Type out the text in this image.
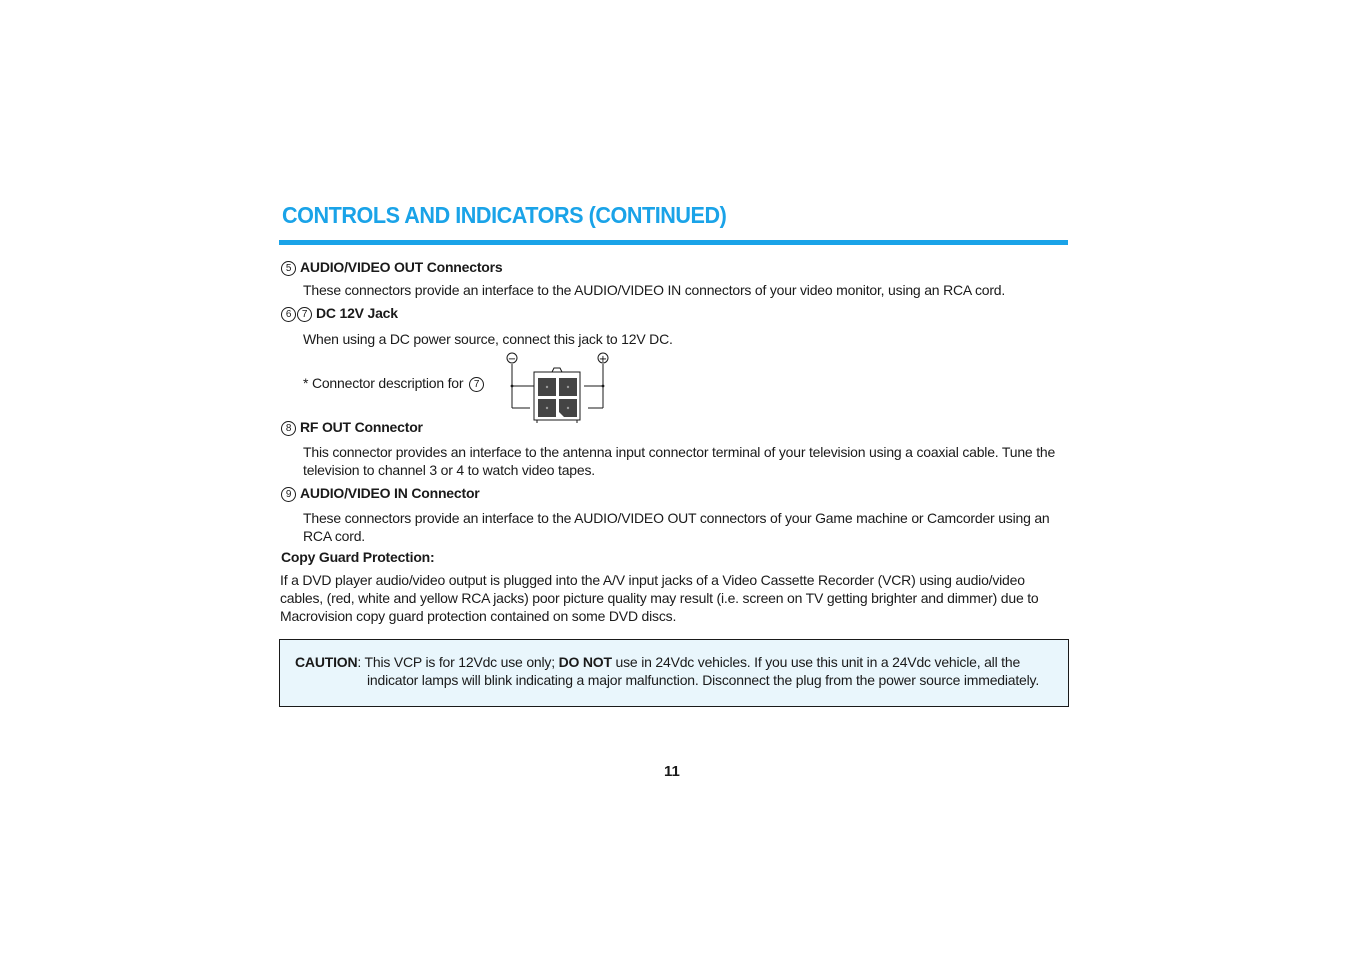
CONTROLS AND INDICATORS (CONTINUED)
5 AUDIO/VIDEO OUT Connectors
These connectors provide an interface to the AUDIO/VIDEO IN connectors of your video monitor, using an RCA cord.
6 7 DC 12V Jack
When using a DC power source, connect this jack to 12V DC.
* Connector description for 7
−	+
8 RF OUT Connector
This connector provides an interface to the antenna input connector terminal of your television using a coaxial cable. Tune the television to channel 3 or 4 to watch video tapes.
9 AUDIO/VIDEO IN Connector
These connectors provide an interface to the AUDIO/VIDEO OUT connectors of your Game machine or Camcorder using an RCA cord.
Copy Guard Protection:
If a DVD player audio/video output is plugged into the A/V input jacks of a Video Cassette Recorder (VCR) using audio/video cables, (red, white and yellow RCA jacks) poor picture quality may result (i.e. screen on TV getting brighter and dimmer) due to Macrovision copy guard protection contained on some DVD discs.
CAUTION: This VCP is for 12Vdc use only; DO NOT use in 24Vdc vehicles. If you use this unit in a 24Vdc vehicle, all the
indicator lamps will blink indicating a major malfunction. Disconnect the plug from the power source immediately.
11
